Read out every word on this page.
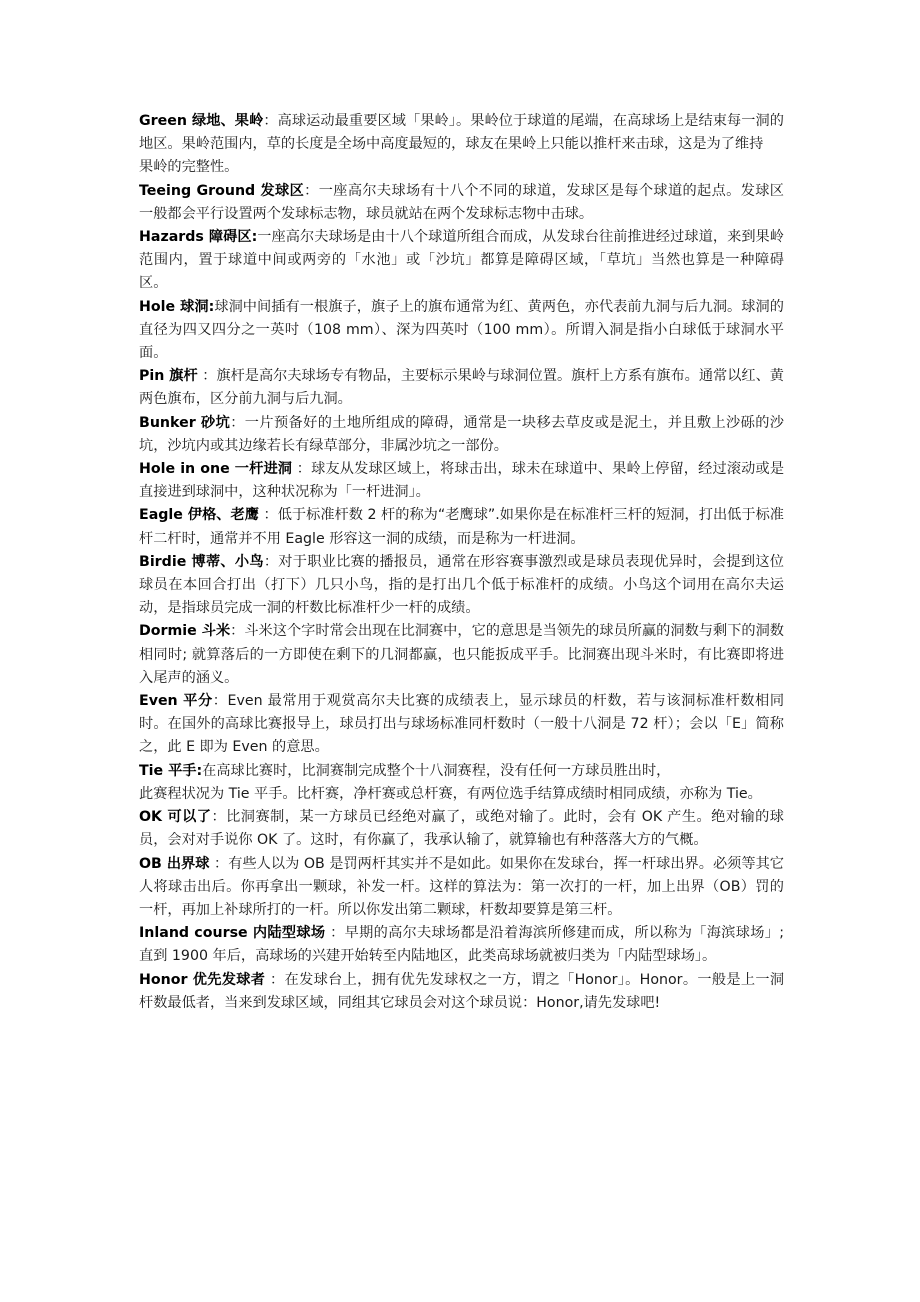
Green 绿地、果岭：高球运动最重要区域「果岭」。果岭位于球道的尾端，在高球场上是结束每一洞的地区。果岭范围内，草的长度是全场中高度最短的，球友在果岭上只能以推杆来击球，这是为了维持
果岭的完整性。

Teeing Ground 发球区：一座高尔夫球场有十八个不同的球道，发球区是每个球道的起点。发球区一般都会平行设置两个发球标志物，球员就站在两个发球标志物中击球。

Hazards 障碍区:一座高尔夫球场是由十八个球道所组合而成，从发球台往前推进经过球道，来到果岭范围内，置于球道中间或两旁的「水池」或「沙坑」都算是障碍区域，「草坑」当然也算是一种障碍区。

Hole 球洞:球洞中间插有一根旗子，旗子上的旗布通常为红、黄两色，亦代表前九洞与后九洞。球洞的直径为四又四分之一英吋（108 mm）、深为四英吋（100 mm）。所谓入洞是指小白球低于球洞水平面。

Pin 旗杆 ：旗杆是高尔夫球场专有物品，主要标示果岭与球洞位置。旗杆上方系有旗布。通常以红、黄两色旗布，区分前九洞与后九洞。

Bunker 砂坑：一片预备好的土地所组成的障碍，通常是一块移去草皮或是泥土，并且敷上沙砾的沙坑，沙坑内或其边缘若长有绿草部分，非属沙坑之一部份。

Hole in one 一杆进洞 ：球友从发球区域上，将球击出，球未在球道中、果岭上停留，经过滚动或是直接进到球洞中，这种状况称为「一杆进洞」。

Eagle 伊格、老鹰 ：低于标准杆数 2 杆的称为“老鹰球”.如果你是在标准杆三杆的短洞，打出低于标准杆二杆时，通常并不用 Eagle 形容这一洞的成绩，而是称为一杆进洞。

Birdie 博蒂、小鸟：对于职业比赛的播报员，通常在形容赛事激烈或是球员表现优异时，会提到这位球员在本回合打出（打下）几只小鸟，指的是打出几个低于标准杆的成绩。小鸟这个词用在高尔夫运动，是指球员完成一洞的杆数比标准杆少一杆的成绩。

Dormie 斗米：斗米这个字时常会出现在比洞赛中，它的意思是当领先的球员所赢的洞数与剩下的洞数相同时; 就算落后的一方即使在剩下的几洞都赢，也只能扳成平手。比洞赛出现斗米时，有比赛即将进入尾声的涵义。

Even 平分：Even 最常用于观赏高尔夫比赛的成绩表上，显示球员的杆数，若与该洞标准杆数相同时。在国外的高球比赛报导上，球员打出与球场标准同杆数时（一般十八洞是 72 杆）；会以「E」简称之，此 E 即为 Even 的意思。

Tie 平手:在高球比赛时，比洞赛制完成整个十八洞赛程，没有任何一方球员胜出时，
此赛程状况为 Tie 平手。比杆赛，净杆赛或总杆赛，有两位选手结算成绩时相同成绩，亦称为 Tie。

OK 可以了：比洞赛制，某一方球员已经绝对赢了，或绝对输了。此时，会有 OK 产生。绝对输的球员，会对对手说你 OK 了。这时，有你赢了，我承认输了，就算输也有种落落大方的气概。

OB 出界球 ：有些人以为 OB 是罚两杆其实并不是如此。如果你在发球台，挥一杆球出界。必须等其它人将球击出后。你再拿出一颗球，补发一杆。这样的算法为：第一次打的一杆，加上出界（OB）罚的一杆，再加上补球所打的一杆。所以你发出第二颗球，杆数却要算是第三杆。

Inland course 内陆型球场 ：早期的高尔夫球场都是沿着海滨所修建而成，所以称为「海滨球场」; 直到 1900 年后，高球场的兴建开始转至内陆地区，此类高球场就被归类为「内陆型球场」。

Honor 优先发球者 ：在发球台上，拥有优先发球权之一方，谓之「Honor」。Honor。一般是上一洞杆数最低者，当来到发球区域，同组其它球员会对这个球员说：Honor,请先发球吧!
